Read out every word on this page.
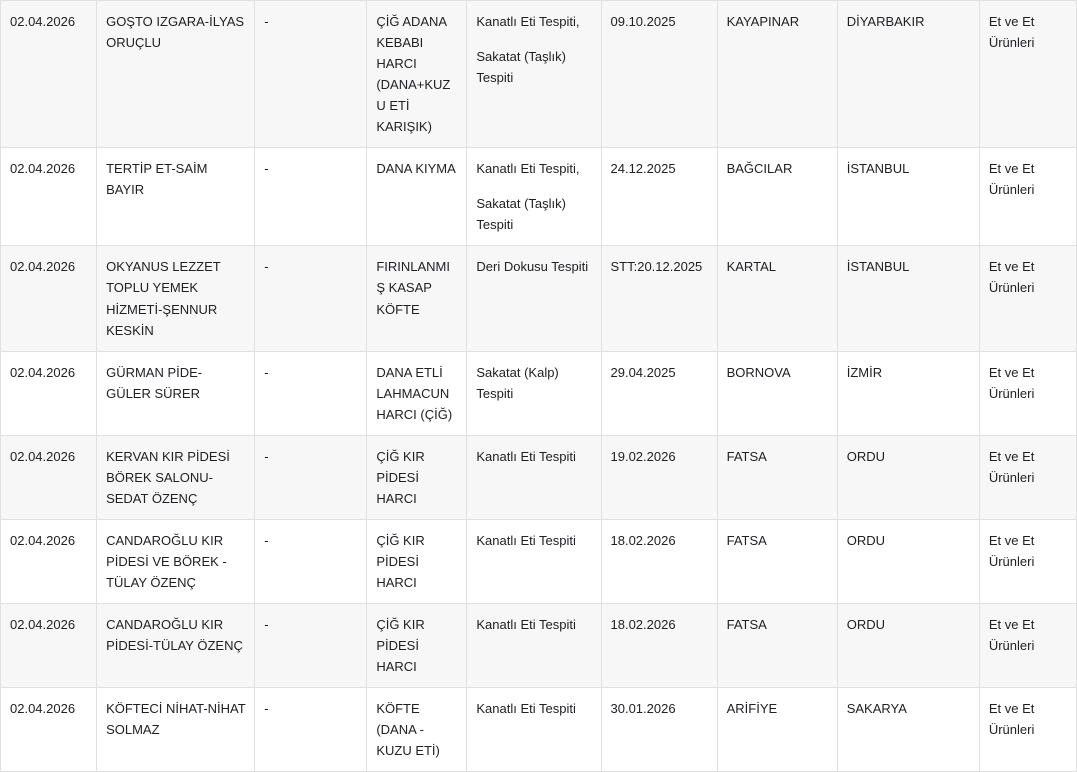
02.04.2026	GOŞTO IZGARA-İLYAS ORUÇLU	-	ÇİĞ ADANA KEBABI HARCI (DANA+KUZU ETİ KARIŞIK)	Kanatlı Eti Tespiti,
Sakatat (Taşlık) Tespiti	09.10.2025	KAYAPINAR	DİYARBAKIR	Et ve Et Ürünleri
02.04.2026	TERTİP ET-SAİM BAYIR	-	DANA KIYMA	Kanatlı Eti Tespiti,
Sakatat (Taşlık) Tespiti	24.12.2025	BAĞCILAR	İSTANBUL	Et ve Et Ürünleri
02.04.2026	OKYANUS LEZZET TOPLU YEMEK HİZMETİ-ŞENNUR KESKİN	-	FIRINLANMIŞ KASAP KÖFTE	Deri Dokusu Tespiti	STT:20.12.2025	KARTAL	İSTANBUL	Et ve Et Ürünleri
02.04.2026	GÜRMAN PİDE-GÜLER SÜRER	-	DANA ETLİ LAHMACUN HARCI (ÇİĞ)	Sakatat (Kalp) Tespiti	29.04.2025	BORNOVA	İZMİR	Et ve Et Ürünleri
02.04.2026	KERVAN KIR PİDESİ BÖREK SALONU-SEDAT ÖZENÇ	-	ÇİĞ KIR PİDESİ HARCI	Kanatlı Eti Tespiti	19.02.2026	FATSA	ORDU	Et ve Et Ürünleri
02.04.2026	CANDAROĞLU KIR PİDESİ VE BÖREK - TÜLAY ÖZENÇ	-	ÇİĞ KIR PİDESİ HARCI	Kanatlı Eti Tespiti	18.02.2026	FATSA	ORDU	Et ve Et Ürünleri
02.04.2026	CANDAROĞLU KIR PİDESİ-TÜLAY ÖZENÇ	-	ÇİĞ KIR PİDESİ HARCI	Kanatlı Eti Tespiti	18.02.2026	FATSA	ORDU	Et ve Et Ürünleri
02.04.2026	KÖFTECİ NİHAT-NİHAT SOLMAZ	-	KÖFTE (DANA -KUZU ETİ)	Kanatlı Eti Tespiti	30.01.2026	ARİFİYE	SAKARYA	Et ve Et Ürünleri
